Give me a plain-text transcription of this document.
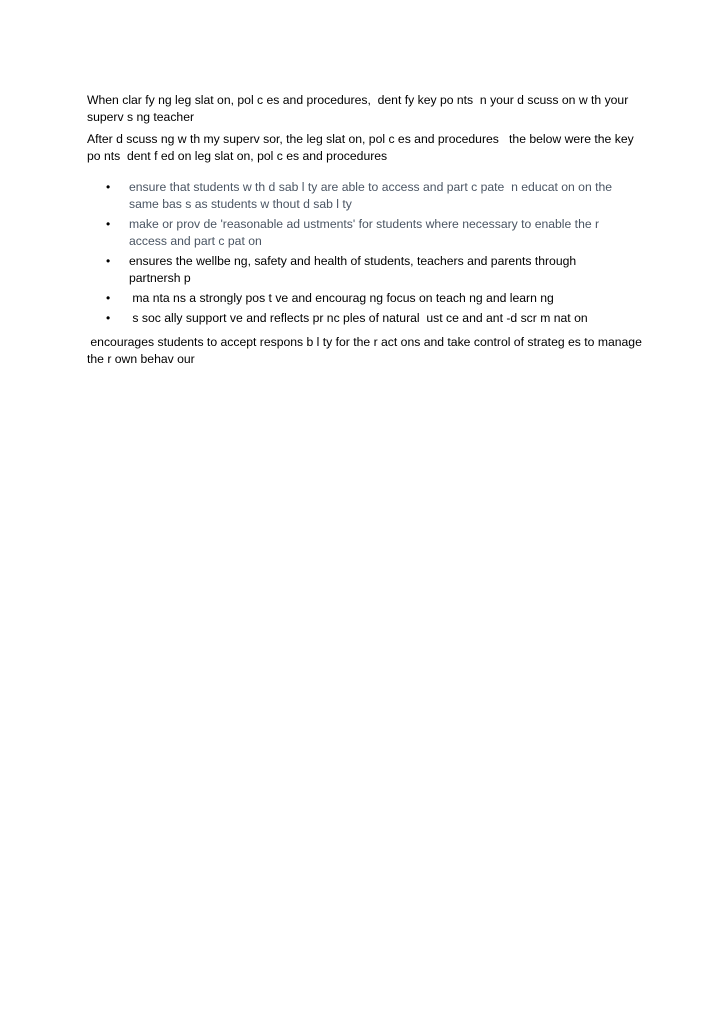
When clar fy ng leg slat on, pol c es and procedures,  dent fy key po nts  n your d scuss on w th your superv s ng teacher

After d scuss ng w th my superv sor, the leg slat on, pol c es and procedures   the below were the key po nts  dent f ed on leg slat on, pol c es and procedures

• ensure that students w th d sab l ty are able to access and part c pate  n educat on on the same bas s as students w thout d sab l ty
• make or prov de 'reasonable ad ustments' for students where necessary to enable the r access and part c pat on
• ensures the wellbe ng, safety and health of students, teachers and parents through partnersh p
• ma nta ns a strongly pos t ve and encourag ng focus on teach ng and learn ng
• s soc ally support ve and reflects pr nc ples of natural  ust ce and ant -d scr m nat on

encourages students to accept respons b l ty for the r act ons and take control of strateg es to manage the r own behav our
